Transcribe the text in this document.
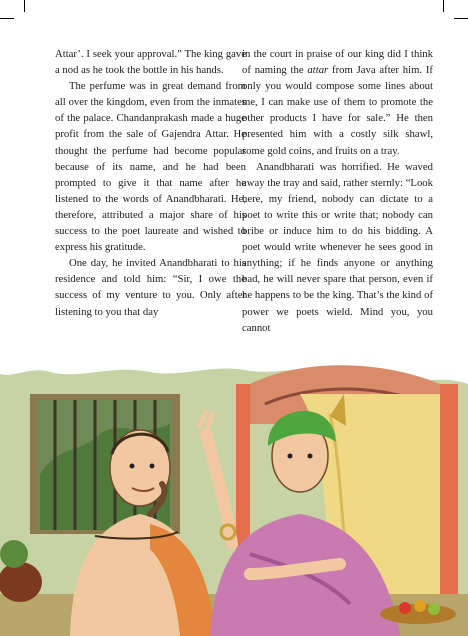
Attar’. I seek your approval.” The king gave a nod as he took the bottle in his hands.

The perfume was in great demand from all over the kingdom, even from the inmates of the palace. Chandanprakash made a huge profit from the sale of Gajendra Attar. He thought the perfume had become popular because of its name, and he had been prompted to give it that name after he listened to the words of Anandbharati. He, therefore, attributed a major share of his success to the poet laureate and wished to express his gratitude.

One day, he invited Anandbharati to his residence and told him: “Sir, I owe the success of my venture to you. Only after listening to you that day

in the court in praise of our king did I think of naming the attar from Java after him. If only you would compose some lines about me, I can make use of them to promote the other products I have for sale.” He then presented him with a costly silk shawl, some gold coins, and fruits on a tray.

Anandbharati was horrified. He waved away the tray and said, rather sternly: “Look here, my friend, nobody can dictate to a poet to write this or write that; nobody can bribe or induce him to do his bidding. A poet would write whenever he sees good in anything; if he finds anyone or anything bad, he will never spare that person, even if he happens to be the king. That’s the kind of power we poets wield. Mind you, you cannot
